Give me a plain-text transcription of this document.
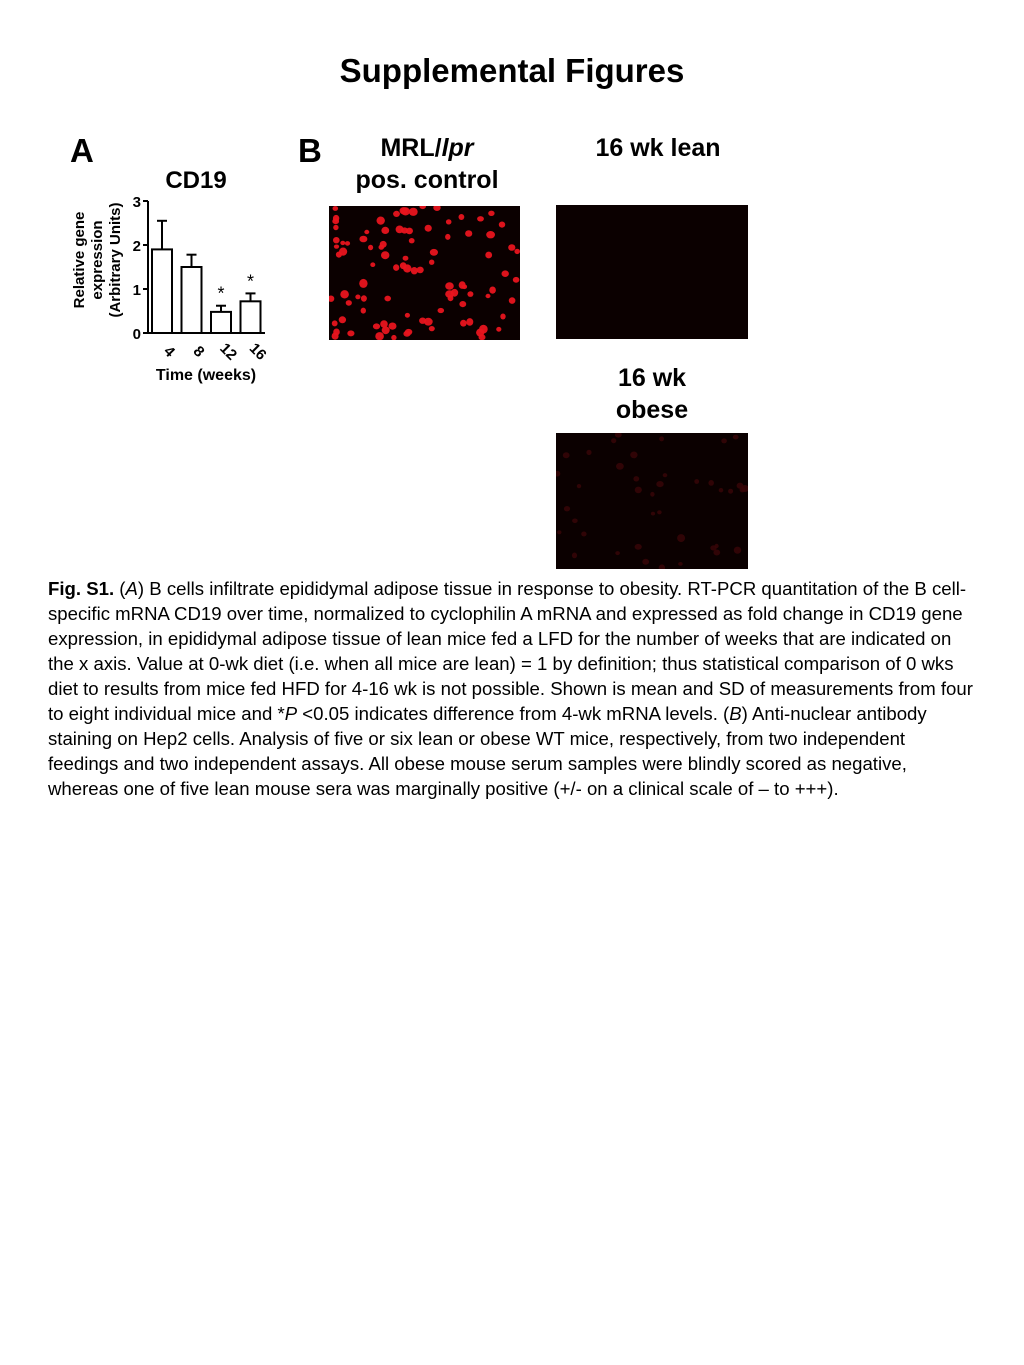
Supplemental Figures
A
CD19
0
1
2
3
Relative gene expression (Arbitrary Units)
4 8
*
12
*
16
Time (weeks)
B	MRL/lpr
pos. control
16 wk lean
16 wk
obese
Fig. S1. (A) B cells infiltrate epididymal adipose tissue in response to obesity. RT-PCR quantitation of the B cell-specific mRNA CD19 over time, normalized to cyclophilin A mRNA and expressed as fold change in CD19 gene expression, in epididymal adipose tissue of lean mice fed a LFD for the number of weeks that are indicated on the x axis. Value at 0-wk diet (i.e. when all mice are lean) = 1 by definition; thus statistical comparison of 0 wks diet to results from mice fed HFD for 4-16 wk is not possible. Shown is mean and SD of measurements from four to eight individual mice and *P <0.05 indicates difference from 4-wk mRNA levels. (B) Anti-nuclear antibody staining on Hep2 cells. Analysis of five or six lean or obese WT mice, respectively, from two independent feedings and two independent assays. All obese mouse serum samples were blindly scored as negative, whereas one of five lean mouse sera was marginally positive (+/- on a clinical scale of – to +++).
